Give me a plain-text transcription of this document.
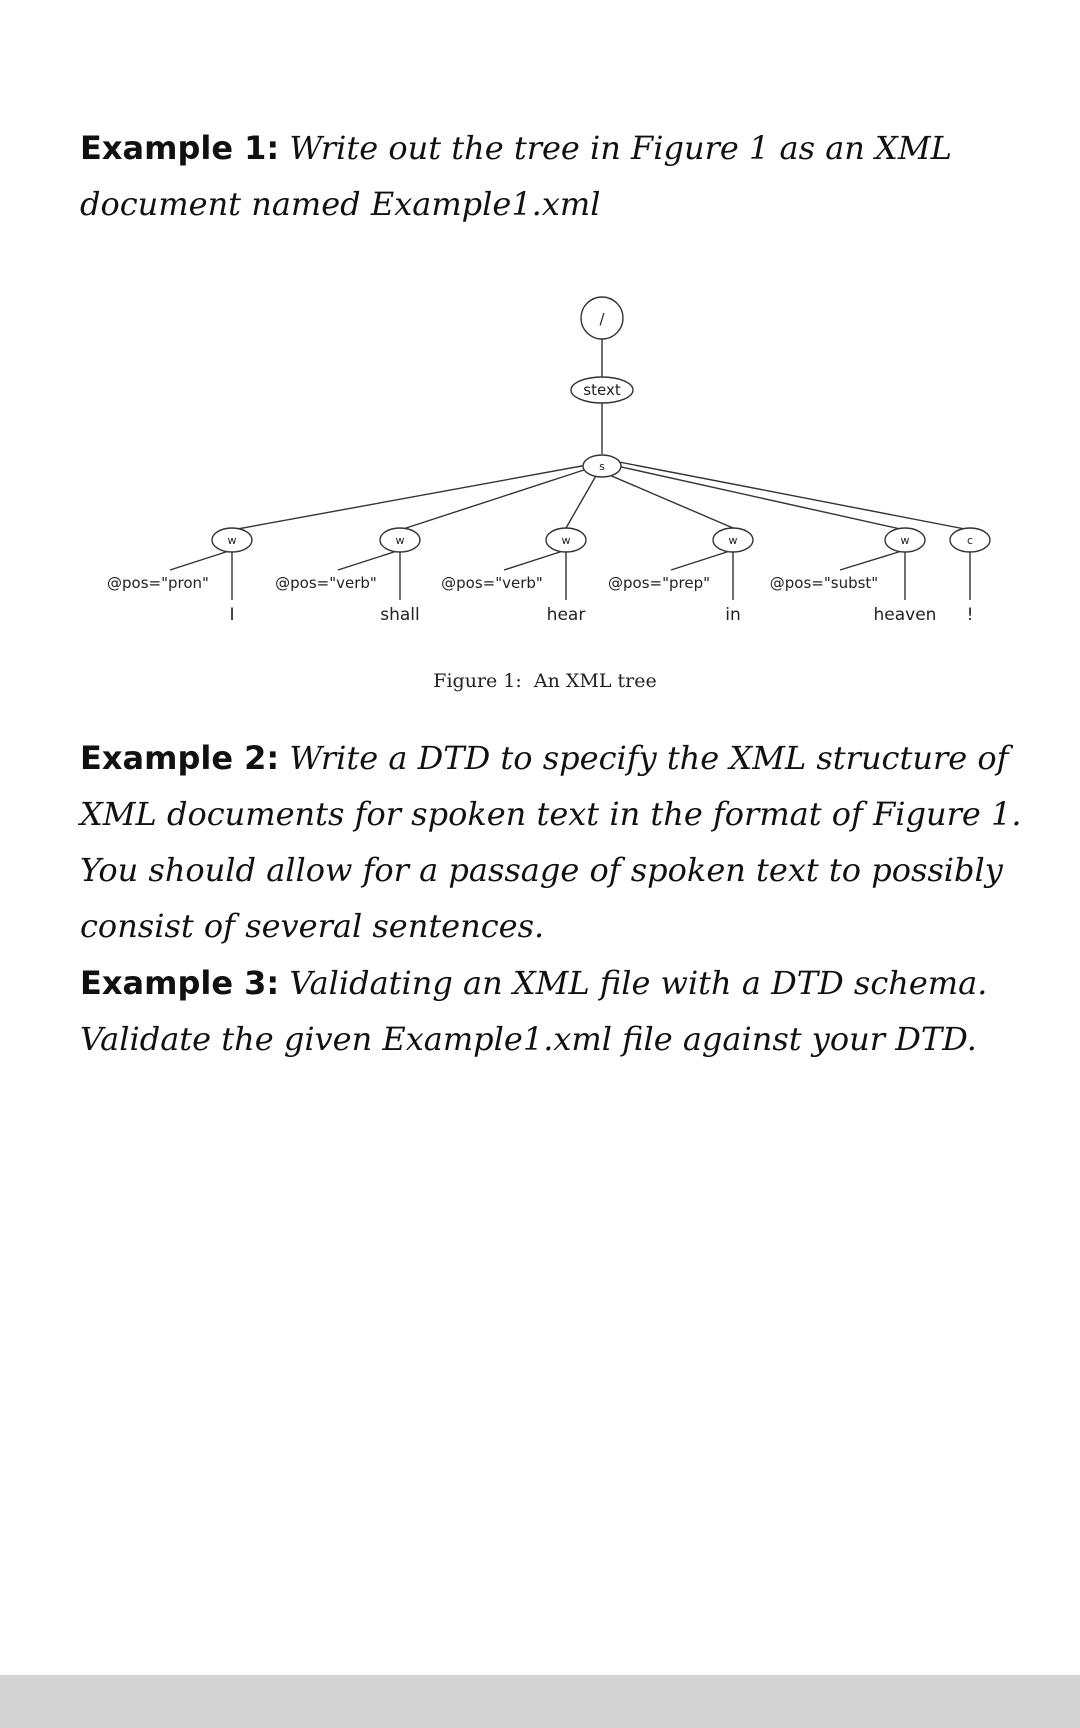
Example 1: Write out the tree in Figure 1 as an XML document named Example1.xml

/
stext
s
w	w	w	w	w	c
@pos="pron"	@pos="verb"	@pos="verb"	@pos="prep"	@pos="subst"
I	shall	hear	in	heaven !
Figure 1:  An XML tree

Example 2: Write a DTD to specify the XML structure of XML documents for spoken text in the format of Figure 1. You should allow for a passage of spoken text to possibly consist of several sentences.

Example 3: Validating an XML file with a DTD schema. Validate the given Example1.xml file against your DTD.
